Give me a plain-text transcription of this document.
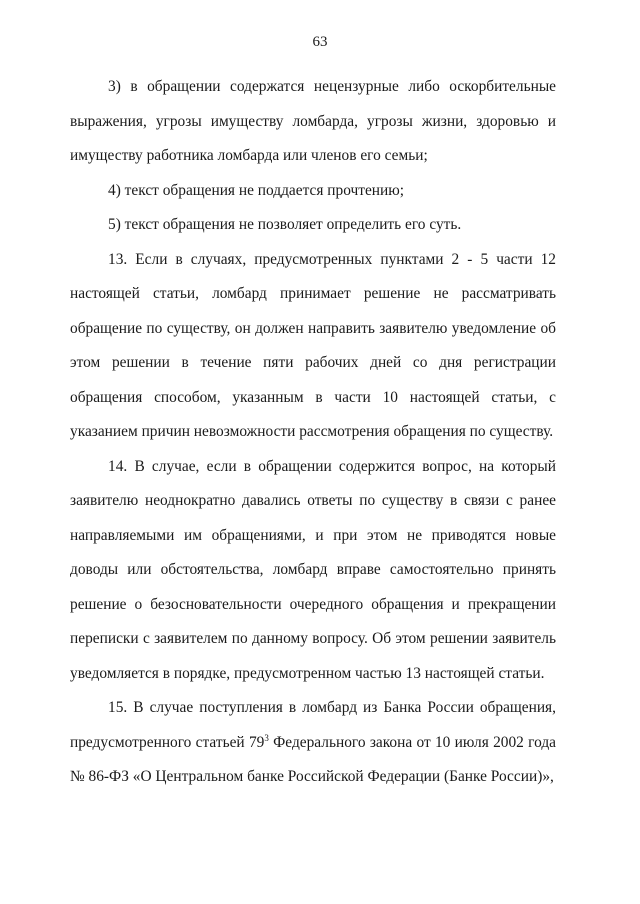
63

3) в обращении содержатся нецензурные либо оскорбительные выражения, угрозы имуществу ломбарда, угрозы жизни, здоровью и имуществу работника ломбарда или членов его семьи;

4) текст обращения не поддается прочтению;

5) текст обращения не позволяет определить его суть.

13. Если в случаях, предусмотренных пунктами 2 - 5 части 12 настоящей статьи, ломбард принимает решение не рассматривать обращение по существу, он должен направить заявителю уведомление об этом решении в течение пяти рабочих дней со дня регистрации обращения способом, указанным в части 10 настоящей статьи, с указанием причин невозможности рассмотрения обращения по существу.

14. В случае, если в обращении содержится вопрос, на который заявителю неоднократно давались ответы по существу в связи с ранее направляемыми им обращениями, и при этом не приводятся новые доводы или обстоятельства, ломбард вправе самостоятельно принять решение о безосновательности очередного обращения и прекращении переписки с заявителем по данному вопросу. Об этом решении заявитель уведомляется в порядке, предусмотренном частью 13 настоящей статьи.

15. В случае поступления в ломбард из Банка России обращения, предусмотренного статьей $79^3$ Федерального закона от 10 июля 2002 года № 86-ФЗ «О Центральном банке Российской Федерации (Банке России)»,
